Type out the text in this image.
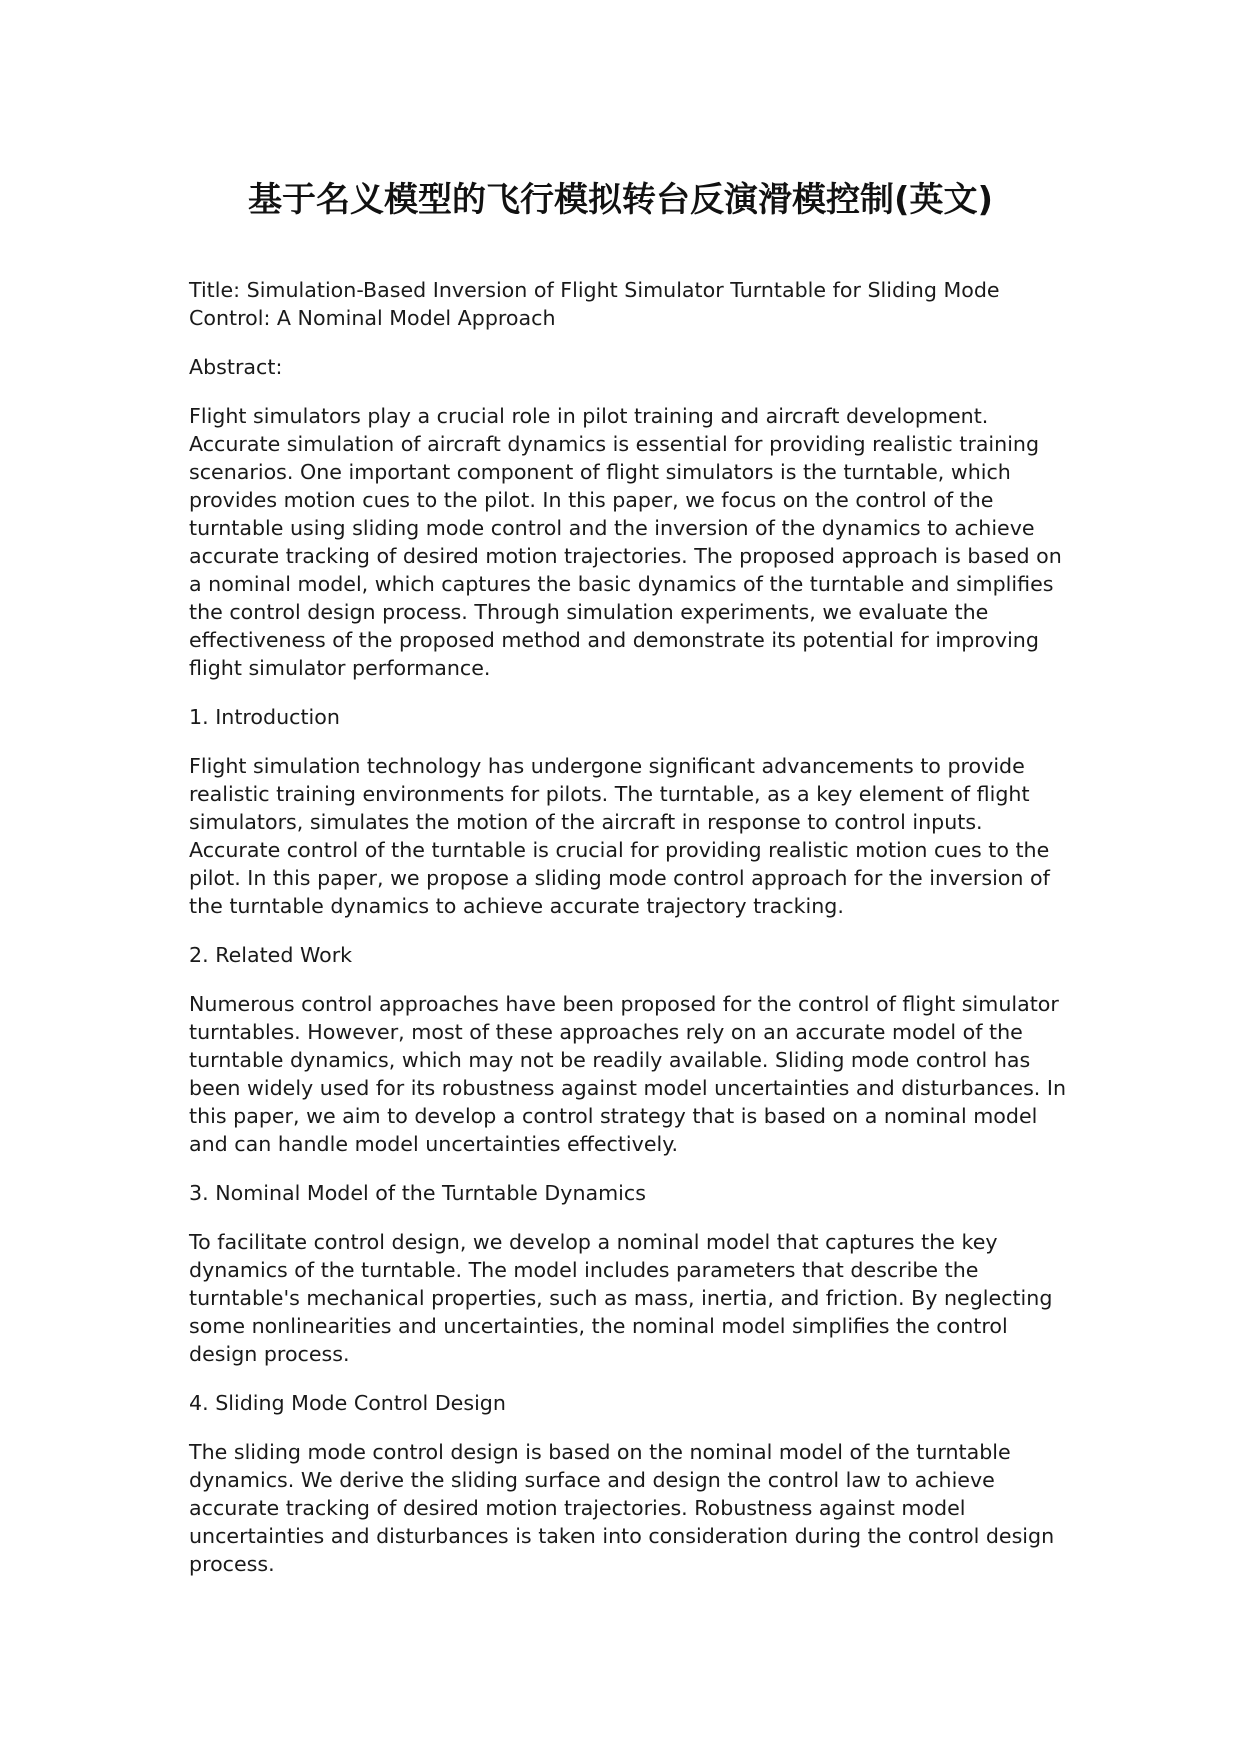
基于名义模型的飞行模拟转台反演滑模控制(英文)

Title: Simulation-Based Inversion of Flight Simulator Turntable for Sliding Mode
Control: A Nominal Model Approach

Abstract:

Flight simulators play a crucial role in pilot training and aircraft development.
Accurate simulation of aircraft dynamics is essential for providing realistic training
scenarios. One important component of flight simulators is the turntable, which
provides motion cues to the pilot. In this paper, we focus on the control of the
turntable using sliding mode control and the inversion of the dynamics to achieve
accurate tracking of desired motion trajectories. The proposed approach is based on
a nominal model, which captures the basic dynamics of the turntable and simplifies
the control design process. Through simulation experiments, we evaluate the
effectiveness of the proposed method and demonstrate its potential for improving
flight simulator performance.

1. Introduction

Flight simulation technology has undergone significant advancements to provide
realistic training environments for pilots. The turntable, as a key element of flight
simulators, simulates the motion of the aircraft in response to control inputs.
Accurate control of the turntable is crucial for providing realistic motion cues to the
pilot. In this paper, we propose a sliding mode control approach for the inversion of
the turntable dynamics to achieve accurate trajectory tracking.

2. Related Work

Numerous control approaches have been proposed for the control of flight simulator
turntables. However, most of these approaches rely on an accurate model of the
turntable dynamics, which may not be readily available. Sliding mode control has
been widely used for its robustness against model uncertainties and disturbances. In
this paper, we aim to develop a control strategy that is based on a nominal model
and can handle model uncertainties effectively.

3. Nominal Model of the Turntable Dynamics

To facilitate control design, we develop a nominal model that captures the key
dynamics of the turntable. The model includes parameters that describe the
turntable's mechanical properties, such as mass, inertia, and friction. By neglecting
some nonlinearities and uncertainties, the nominal model simplifies the control
design process.

4. Sliding Mode Control Design

The sliding mode control design is based on the nominal model of the turntable
dynamics. We derive the sliding surface and design the control law to achieve
accurate tracking of desired motion trajectories. Robustness against model
uncertainties and disturbances is taken into consideration during the control design
process.
